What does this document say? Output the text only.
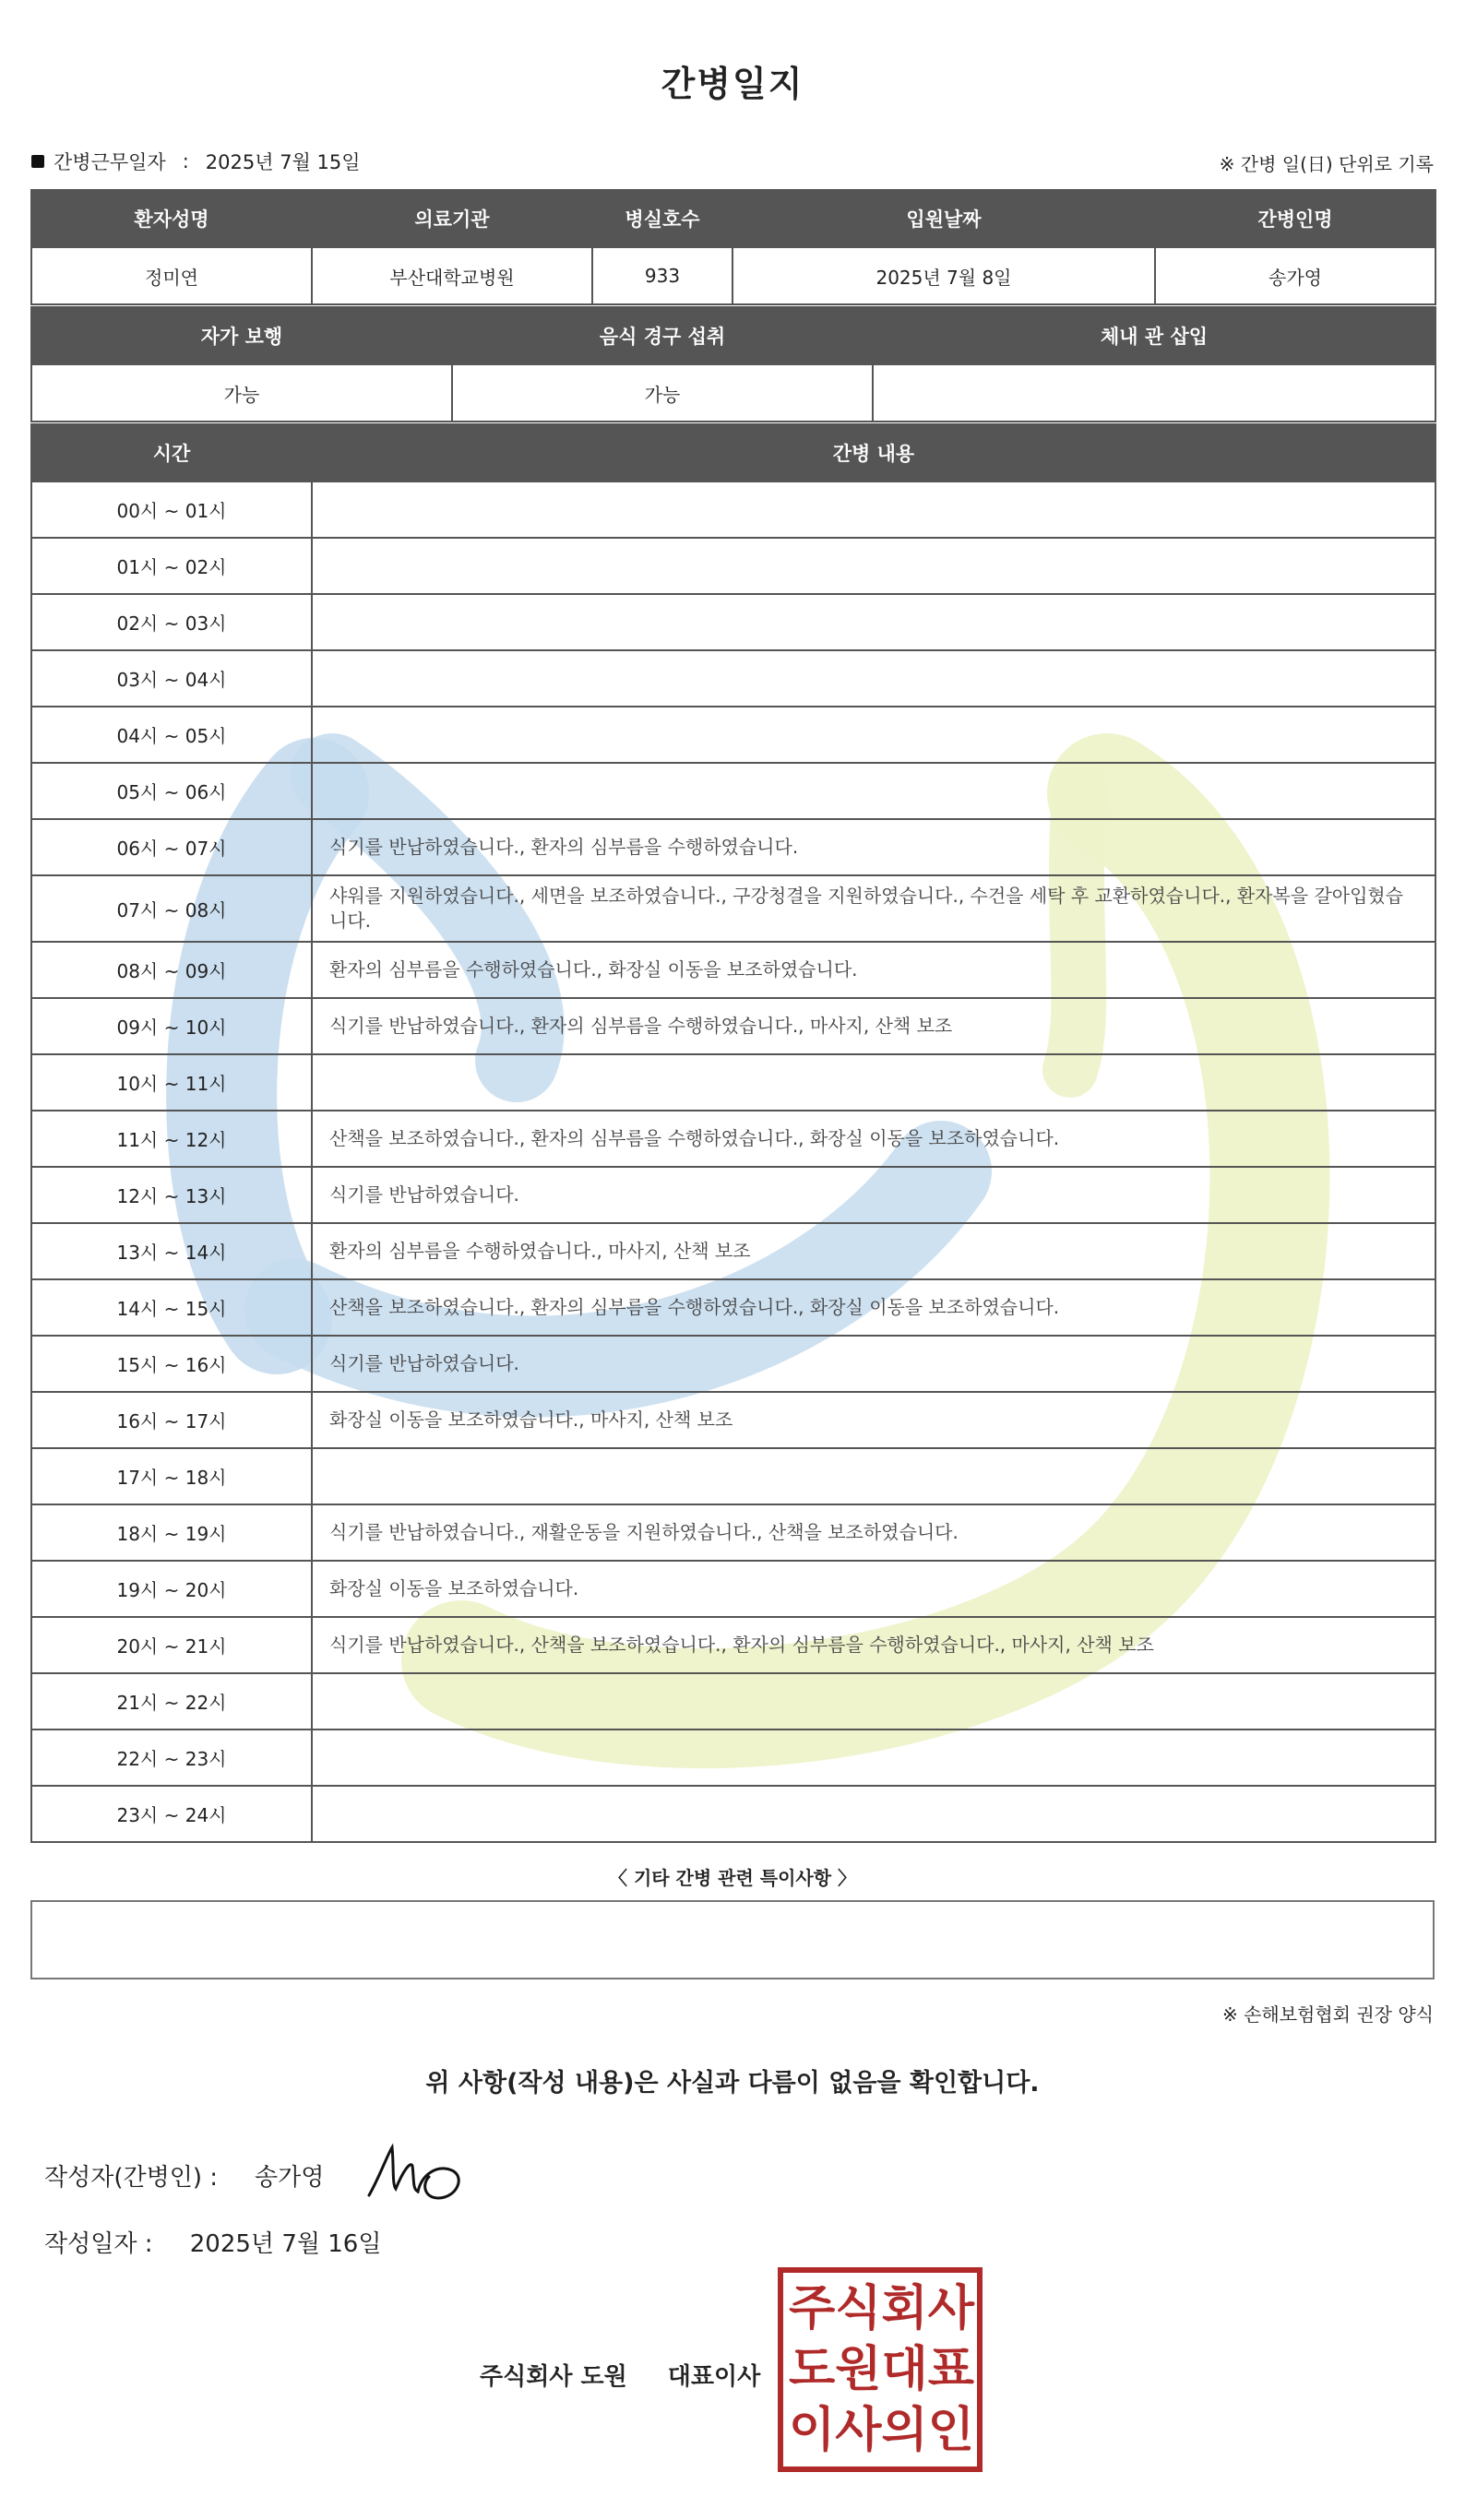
간병일지
간병근무일자 : 2025년 7월 15일	※ 간병 일(日) 단위로 기록
환자성명	의료기관	병실호수	입원날짜	간병인명
정미연	부산대학교병원	933	2025년 7월 8일	송가영
자가 보행	음식 경구 섭취	체내 관 삽입
가능	가능	
시간	간병 내용
00시 ~ 01시	
01시 ~ 02시	
02시 ~ 03시	
03시 ~ 04시	
04시 ~ 05시	
05시 ~ 06시	
06시 ~ 07시	식기를 반납하였습니다., 환자의 심부름을 수행하였습니다.
07시 ~ 08시	샤워를 지원하였습니다., 세면을 보조하였습니다., 구강청결을 지원하였습니다., 수건을 세탁 후 교환하였습니다., 환자복을 갈아입혔습니다.
08시 ~ 09시	환자의 심부름을 수행하였습니다., 화장실 이동을 보조하였습니다.
09시 ~ 10시	식기를 반납하였습니다., 환자의 심부름을 수행하였습니다., 마사지, 산책 보조
10시 ~ 11시	
11시 ~ 12시	산책을 보조하였습니다., 환자의 심부름을 수행하였습니다., 화장실 이동을 보조하였습니다.
12시 ~ 13시	식기를 반납하였습니다.
13시 ~ 14시	환자의 심부름을 수행하였습니다., 마사지, 산책 보조
14시 ~ 15시	산책을 보조하였습니다., 환자의 심부름을 수행하였습니다., 화장실 이동을 보조하였습니다.
15시 ~ 16시	식기를 반납하였습니다.
16시 ~ 17시	화장실 이동을 보조하였습니다., 마사지, 산책 보조
17시 ~ 18시	
18시 ~ 19시	식기를 반납하였습니다., 재활운동을 지원하였습니다., 산책을 보조하였습니다.
19시 ~ 20시	화장실 이동을 보조하였습니다.
20시 ~ 21시	식기를 반납하였습니다., 산책을 보조하였습니다., 환자의 심부름을 수행하였습니다., 마사지, 산책 보조
21시 ~ 22시	
22시 ~ 23시	
23시 ~ 24시	
〈 기타 간병 관련 특이사항 〉
※ 손해보험협회 권장 양식
위 사항(작성 내용)은 사실과 다름이 없음을 확인합니다.
작성자(간병인) : 송가영
작성일자 : 2025년 7월 16일
주식회사 도원 대표이사
주 식 회 사
도 원 대 표
이 사 의 인
